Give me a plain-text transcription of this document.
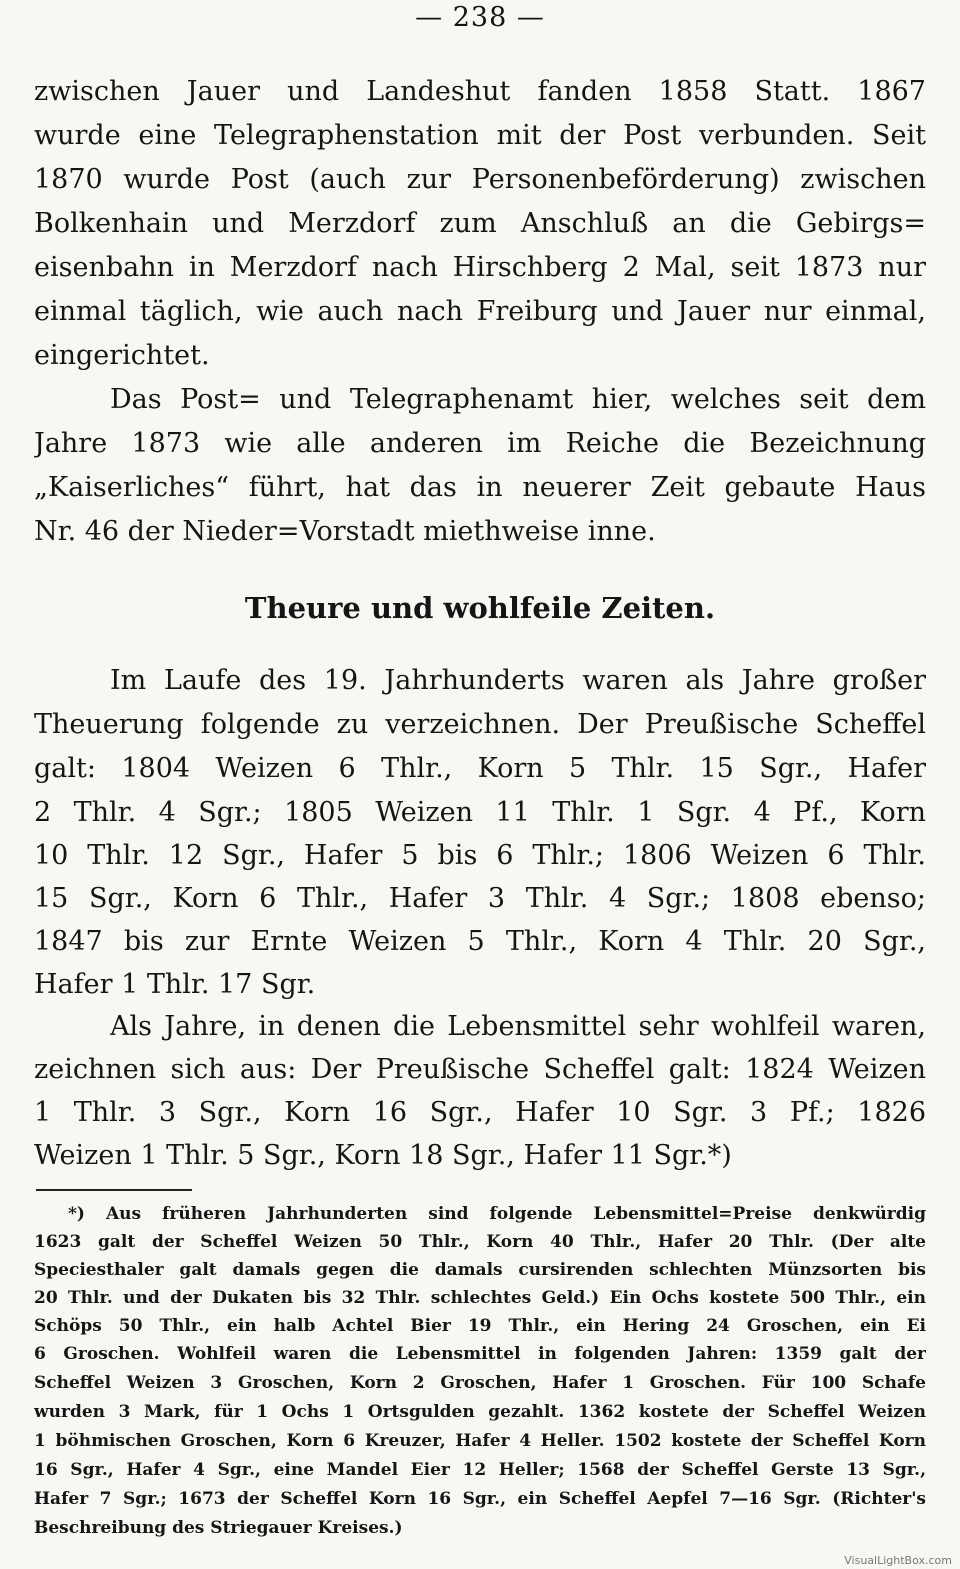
— 238 —
zwischen Jauer und Landeshut fanden 1858 Statt. 1867
wurde eine Telegraphenstation mit der Post verbunden. Seit
1870 wurde Post (auch zur Personenbeförderung) zwischen
Bolkenhain und Merzdorf zum Anschluß an die Gebirgs=
eisenbahn in Merzdorf nach Hirschberg 2 Mal, seit 1873 nur
einmal täglich, wie auch nach Freiburg und Jauer nur einmal,
eingerichtet.
Das Post= und Telegraphenamt hier, welches seit dem
Jahre 1873 wie alle anderen im Reiche die Bezeichnung
„Kaiserliches“ führt, hat das in neuerer Zeit gebaute Haus
Nr. 46 der Nieder=Vorstadt miethweise inne.
Theure und wohlfeile Zeiten.
Im Laufe des 19. Jahrhunderts waren als Jahre großer
Theuerung folgende zu verzeichnen. Der Preußische Scheffel
galt: 1804 Weizen 6 Thlr., Korn 5 Thlr. 15 Sgr., Hafer
2 Thlr. 4 Sgr.; 1805 Weizen 11 Thlr. 1 Sgr. 4 Pf., Korn
10 Thlr. 12 Sgr., Hafer 5 bis 6 Thlr.; 1806 Weizen 6 Thlr.
15 Sgr., Korn 6 Thlr., Hafer 3 Thlr. 4 Sgr.; 1808 ebenso;
1847 bis zur Ernte Weizen 5 Thlr., Korn 4 Thlr. 20 Sgr.,
Hafer 1 Thlr. 17 Sgr.
Als Jahre, in denen die Lebensmittel sehr wohlfeil waren,
zeichnen sich aus: Der Preußische Scheffel galt: 1824 Weizen
1 Thlr. 3 Sgr., Korn 16 Sgr., Hafer 10 Sgr. 3 Pf.; 1826
Weizen 1 Thlr. 5 Sgr., Korn 18 Sgr., Hafer 11 Sgr.*)
*) Aus früheren Jahrhunderten sind folgende Lebensmittel=Preise denkwürdig
1623 galt der Scheffel Weizen 50 Thlr., Korn 40 Thlr., Hafer 20 Thlr. (Der alte
Speciesthaler galt damals gegen die damals cursirenden schlechten Münzsorten bis
20 Thlr. und der Dukaten bis 32 Thlr. schlechtes Geld.) Ein Ochs kostete 500 Thlr., ein
Schöps 50 Thlr., ein halb Achtel Bier 19 Thlr., ein Hering 24 Groschen, ein Ei
6 Groschen. Wohlfeil waren die Lebensmittel in folgenden Jahren: 1359 galt der
Scheffel Weizen 3 Groschen, Korn 2 Groschen, Hafer 1 Groschen. Für 100 Schafe
wurden 3 Mark, für 1 Ochs 1 Ortsgulden gezahlt. 1362 kostete der Scheffel Weizen
1 böhmischen Groschen, Korn 6 Kreuzer, Hafer 4 Heller. 1502 kostete der Scheffel Korn
16 Sgr., Hafer 4 Sgr., eine Mandel Eier 12 Heller; 1568 der Scheffel Gerste 13 Sgr.,
Hafer 7 Sgr.; 1673 der Scheffel Korn 16 Sgr., ein Scheffel Aepfel 7—16 Sgr. (Richter's
Beschreibung des Striegauer Kreises.)
VisualLightBox.com
